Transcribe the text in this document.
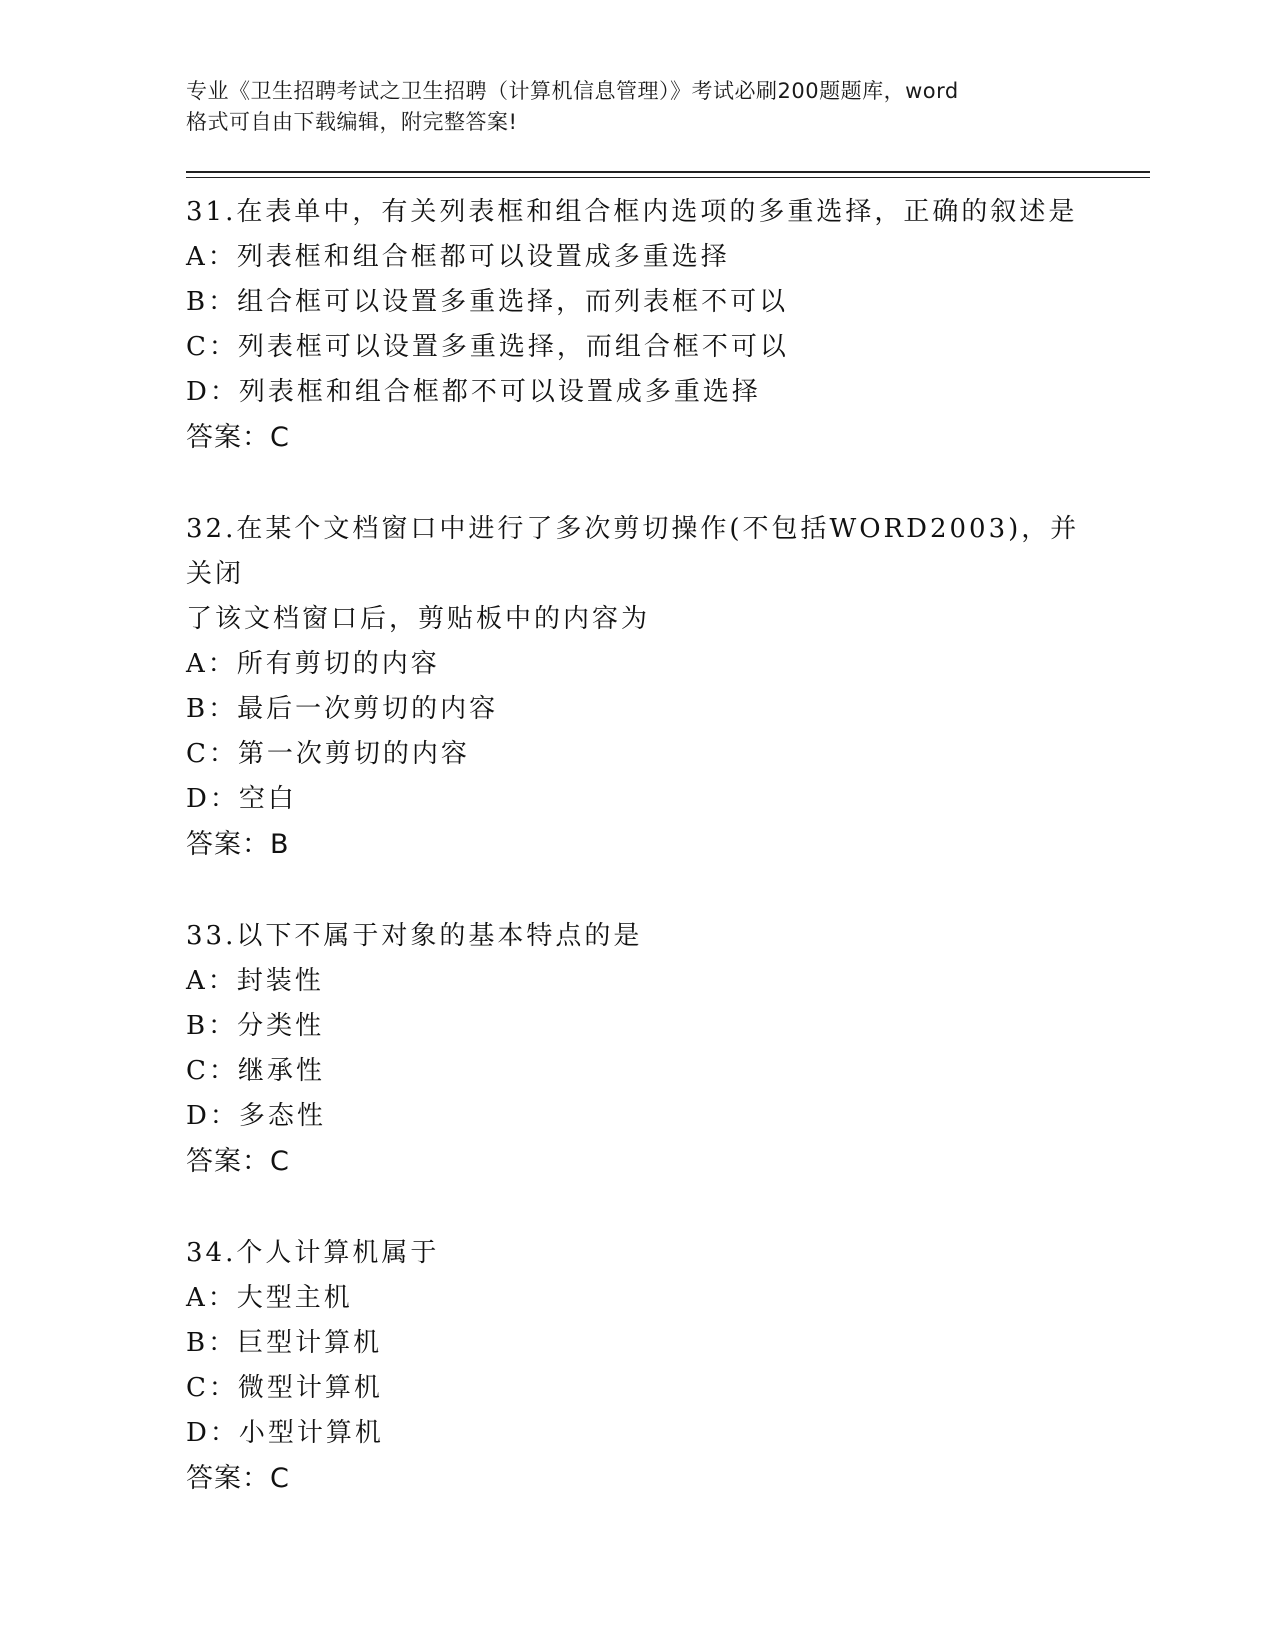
专业《卫生招聘考试之卫生招聘（计算机信息管理）》考试必刷200题题库，word
格式可自由下载编辑，附完整答案!
31.在表单中，有关列表框和组合框内选项的多重选择，正确的叙述是
A：列表框和组合框都可以设置成多重选择
B：组合框可以设置多重选择，而列表框不可以
C：列表框可以设置多重选择，而组合框不可以
D：列表框和组合框都不可以设置成多重选择
答案：C
32.在某个文档窗口中进行了多次剪切操作(不包括WORD2003)，并关闭
了该文档窗口后，剪贴板中的内容为
A：所有剪切的内容
B：最后一次剪切的内容
C：第一次剪切的内容
D：空白
答案：B
33.以下不属于对象的基本特点的是
A：封装性
B：分类性
C：继承性
D：多态性
答案：C
34.个人计算机属于
A：大型主机
B：巨型计算机
C：微型计算机
D：小型计算机
答案：C
